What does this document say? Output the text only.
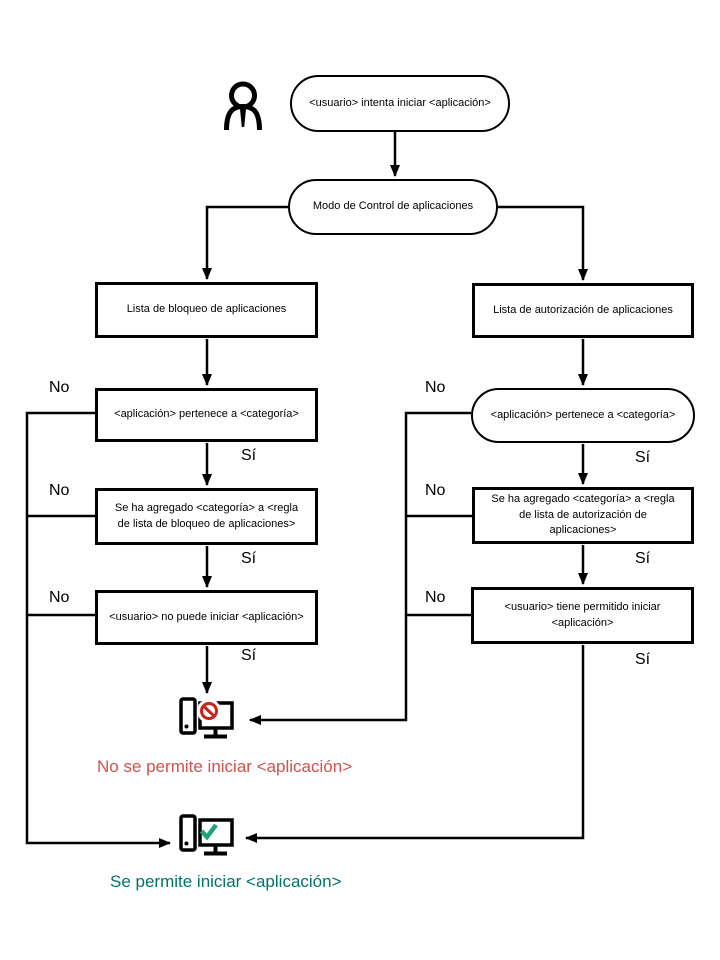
<usuario> intenta iniciar <aplicación>
Modo de Control de aplicaciones
Lista de bloqueo de aplicaciones	Lista de autorización de aplicaciones
<aplicación> pertenece a <categoría>
Se ha agregado <categoría> a <regla de lista de bloqueo de aplicaciones>
<usuario> no puede iniciar <aplicación>
<aplicación> pertenece a <categoría>
Se ha agregado <categoría> a <regla de lista de autorización de aplicaciones>
<usuario> tiene permitido iniciar <aplicación>
No
No
No
No
No
No
Sí
Sí
Sí
Sí
Sí
Sí
No se permite iniciar <aplicación>
Se permite iniciar <aplicación>
